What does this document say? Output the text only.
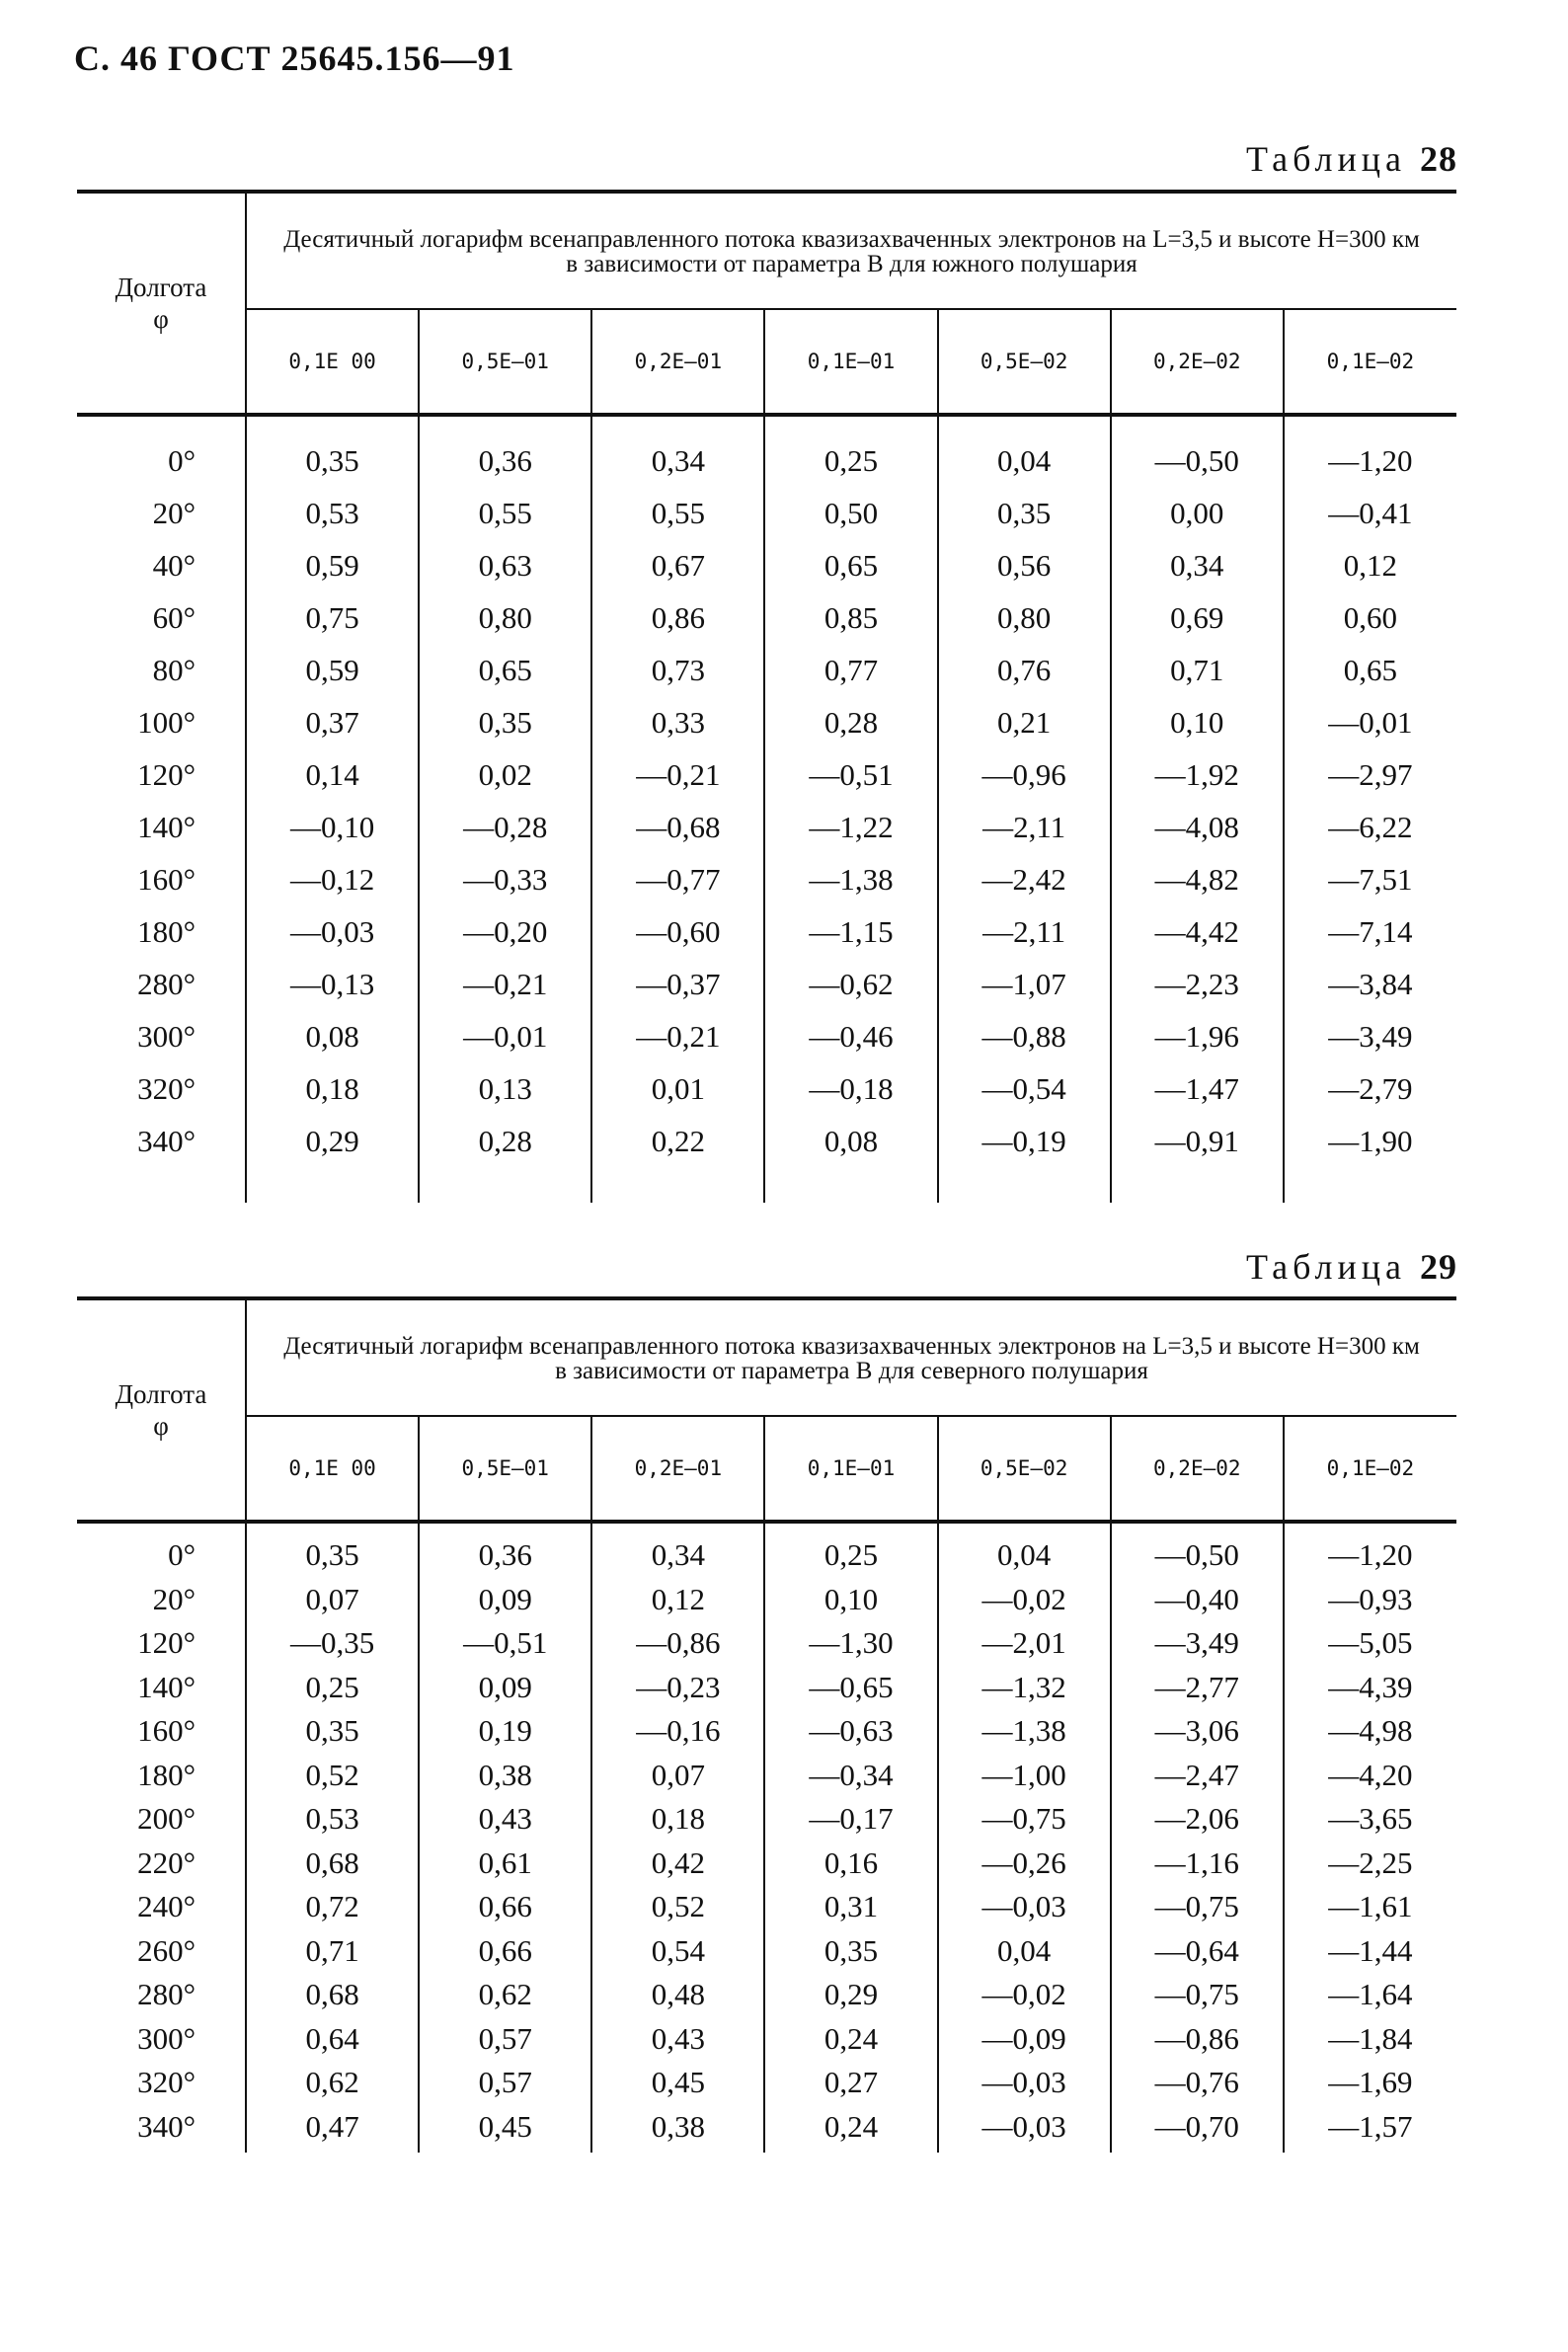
С. 46 ГОСТ 25645.156—91
Таблица 28
Долгота
φ	Десятичный логарифм всенаправленного потока квазизахваченных электронов на L=3,5 и высоте H=300 км в зависимости от параметра B для южного полушария						
	0,1E 00	0,5E—01	0,2E—01	0,1E—01	0,5E—02	0,2E—02	0,1E—02

0°	0,35	0,36	0,34	0,25	0,04	—0,50	—1,20
20°	0,53	0,55	0,55	0,50	0,35	0,00	—0,41
40°	0,59	0,63	0,67	0,65	0,56	0,34	0,12
60°	0,75	0,80	0,86	0,85	0,80	0,69	0,60
80°	0,59	0,65	0,73	0,77	0,76	0,71	0,65
100°	0,37	0,35	0,33	0,28	0,21	0,10	—0,01
120°	0,14	0,02	—0,21	—0,51	—0,96	—1,92	—2,97
140°	—0,10	—0,28	—0,68	—1,22	—2,11	—4,08	—6,22
160°	—0,12	—0,33	—0,77	—1,38	—2,42	—4,82	—7,51
180°	—0,03	—0,20	—0,60	—1,15	—2,11	—4,42	—7,14
280°	—0,13	—0,21	—0,37	—0,62	—1,07	—2,23	—3,84
300°	0,08	—0,01	—0,21	—0,46	—0,88	—1,96	—3,49
320°	0,18	0,13	0,01	—0,18	—0,54	—1,47	—2,79
340°	0,29	0,28	0,22	0,08	—0,19	—0,91	—1,90

Таблица 29
Долгота
φ	Десятичный логарифм всенаправленного потока квазизахваченных электронов на L=3,5 и высоте H=300 км в зависимости от параметра B для северного полушария						
	0,1E 00	0,5E—01	0,2E—01	0,1E—01	0,5E—02	0,2E—02	0,1E—02

0°	0,35	0,36	0,34	0,25	0,04	—0,50	—1,20
20°	0,07	0,09	0,12	0,10	—0,02	—0,40	—0,93
120°	—0,35	—0,51	—0,86	—1,30	—2,01	—3,49	—5,05
140°	0,25	0,09	—0,23	—0,65	—1,32	—2,77	—4,39
160°	0,35	0,19	—0,16	—0,63	—1,38	—3,06	—4,98
180°	0,52	0,38	0,07	—0,34	—1,00	—2,47	—4,20
200°	0,53	0,43	0,18	—0,17	—0,75	—2,06	—3,65
220°	0,68	0,61	0,42	0,16	—0,26	—1,16	—2,25
240°	0,72	0,66	0,52	0,31	—0,03	—0,75	—1,61
260°	0,71	0,66	0,54	0,35	0,04	—0,64	—1,44
280°	0,68	0,62	0,48	0,29	—0,02	—0,75	—1,64
300°	0,64	0,57	0,43	0,24	—0,09	—0,86	—1,84
320°	0,62	0,57	0,45	0,27	—0,03	—0,76	—1,69
340°	0,47	0,45	0,38	0,24	—0,03	—0,70	—1,57
